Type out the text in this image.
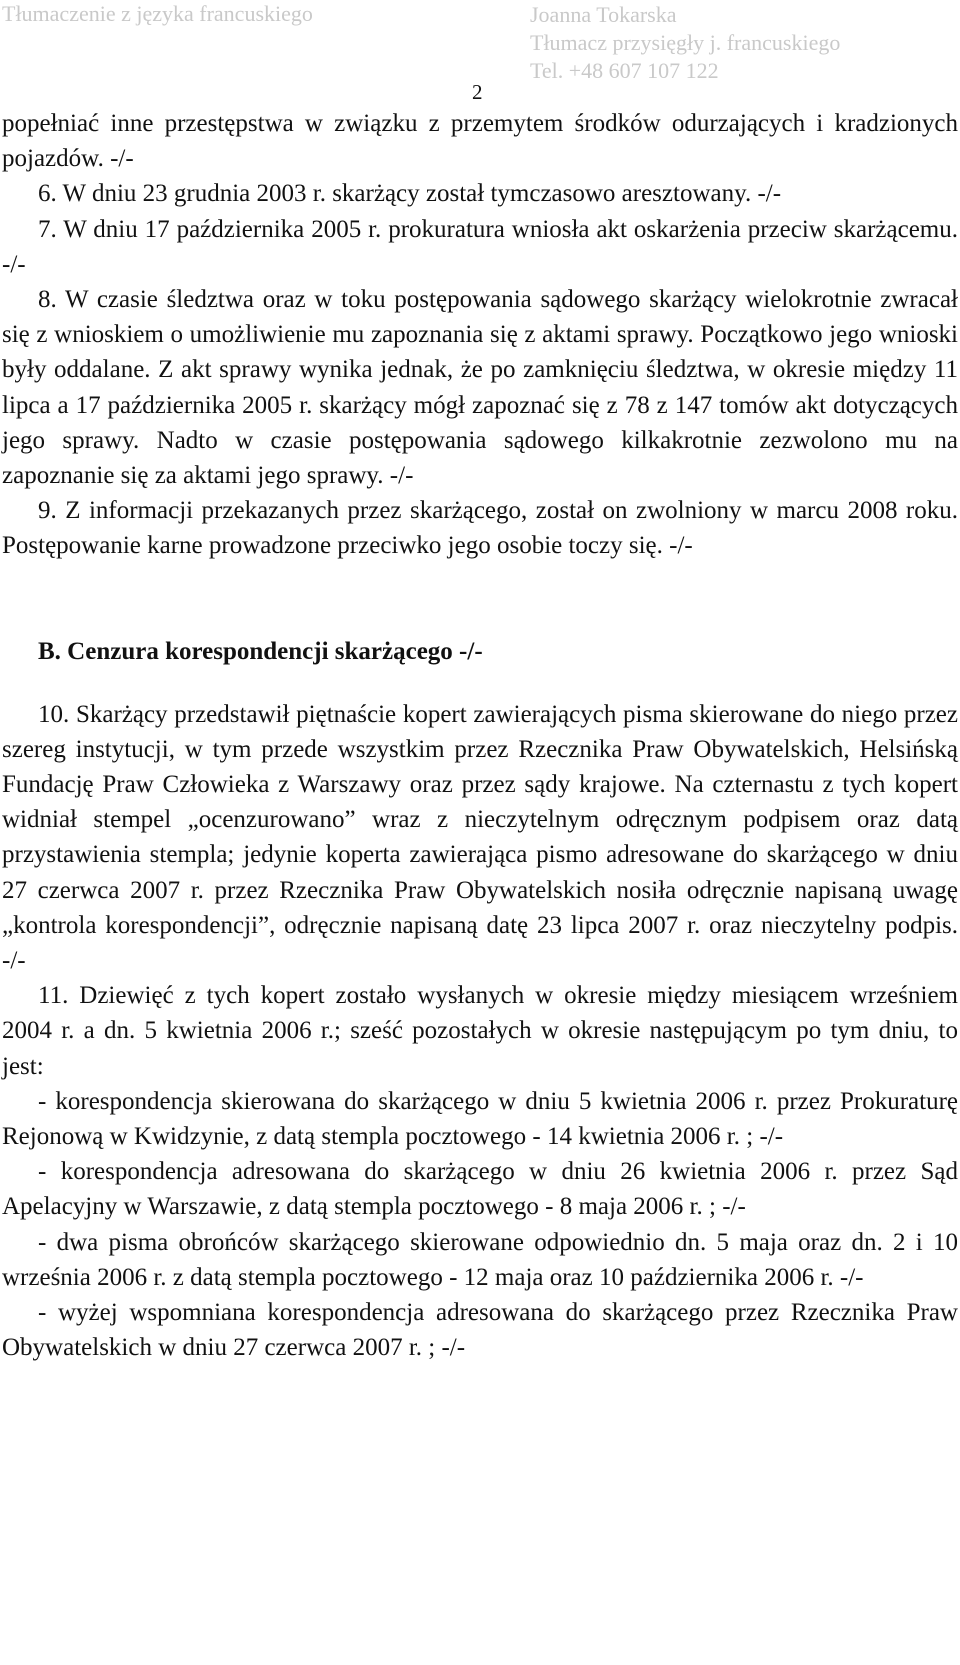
Tłumaczenie z języka francuskiego	Joanna Tokarska
Tłumacz przysięgły j. francuskiego
Tel. +48 607 107 122
2

popełniać inne przestępstwa w związku z przemytem środków odurzających i kradzionych pojazdów. -/-

6. W dniu 23 grudnia 2003 r. skarżący został tymczasowo aresztowany. -/-

7. W dniu 17 października 2005 r. prokuratura wniosła akt oskarżenia przeciw skarżącemu. -/-

8. W czasie śledztwa oraz w toku postępowania sądowego skarżący wielokrotnie zwracał się z wnioskiem o umożliwienie mu zapoznania się z aktami sprawy. Początkowo jego wnioski były oddalane. Z akt sprawy wynika jednak, że po zamknięciu śledztwa, w okresie między 11 lipca a 17 października 2005 r. skarżący mógł zapoznać się z 78 z 147 tomów akt dotyczących jego sprawy. Nadto w czasie postępowania sądowego kilkakrotnie zezwolono mu na zapoznanie się za aktami jego sprawy. -/-

9. Z informacji przekazanych przez skarżącego, został on zwolniony w marcu 2008 roku. Postępowanie karne prowadzone przeciwko jego osobie toczy się. -/-

B. Cenzura korespondencji skarżącego -/-

10. Skarżący przedstawił piętnaście kopert zawierających pisma skierowane do niego przez szereg instytucji, w tym przede wszystkim przez Rzecznika Praw Obywatelskich, Helsińską Fundację Praw Człowieka z Warszawy oraz przez sądy krajowe. Na czternastu z tych kopert widniał stempel „ocenzurowano” wraz z nieczytelnym odręcznym podpisem oraz datą przystawienia stempla; jedynie koperta zawierająca pismo adresowane do skarżącego w dniu 27 czerwca 2007 r. przez Rzecznika Praw Obywatelskich nosiła odręcznie napisaną uwagę „kontrola korespondencji”, odręcznie napisaną datę 23 lipca 2007 r. oraz nieczytelny podpis. -/-

11. Dziewięć z tych kopert zostało wysłanych w okresie między miesiącem wrześniem 2004 r. a dn. 5 kwietnia 2006 r.; sześć pozostałych w okresie następującym po tym dniu, to jest:

- korespondencja skierowana do skarżącego w dniu 5 kwietnia 2006 r. przez Prokuraturę Rejonową w Kwidzynie, z datą stempla pocztowego - 14 kwietnia 2006 r. ; -/-

- korespondencja adresowana do skarżącego w dniu 26 kwietnia 2006 r. przez Sąd Apelacyjny w Warszawie, z datą stempla pocztowego - 8 maja 2006 r. ; -/-

- dwa pisma obrońców skarżącego skierowane odpowiednio dn. 5 maja oraz dn. 2 i 10 września 2006 r. z datą stempla pocztowego - 12 maja oraz 10 października 2006 r. -/-

- wyżej wspomniana korespondencja adresowana do skarżącego przez Rzecznika Praw Obywatelskich w dniu 27 czerwca 2007 r. ; -/-
